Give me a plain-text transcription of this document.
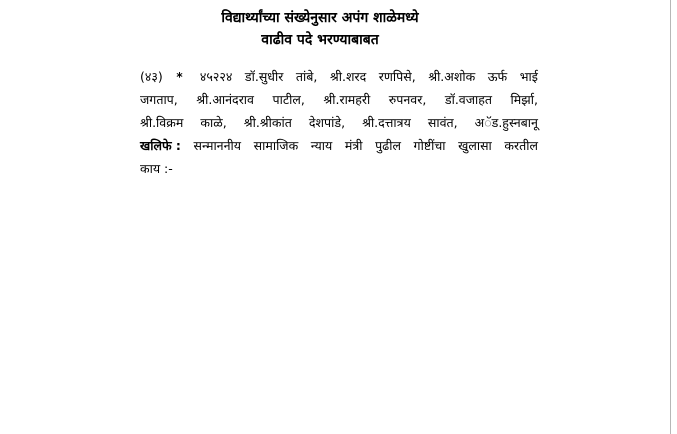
विद्यार्थ्यांच्या संख्येनुसार अपंग शाळेमध्ये
वाढीव पदे भरण्याबाबत
(४३) * ४५२२४ डॉ.सुधीर तांबे, श्री.शरद रणपिसे, श्री.अशोक ऊर्फ भाई
जगताप, श्री.आनंदराव पाटील, श्री.रामहरी रुपनवर, डॉ.वजाहत मिर्झा,
श्री.विक्रम काळे, श्री.श्रीकांत देशपांडे, श्री.दत्तात्रय सावंत, अॅड.हुस्नबानू
खलिफे : सन्माननीय सामाजिक न्याय मंत्री पुढील गोष्टींचा खुलासा करतील
काय :-
